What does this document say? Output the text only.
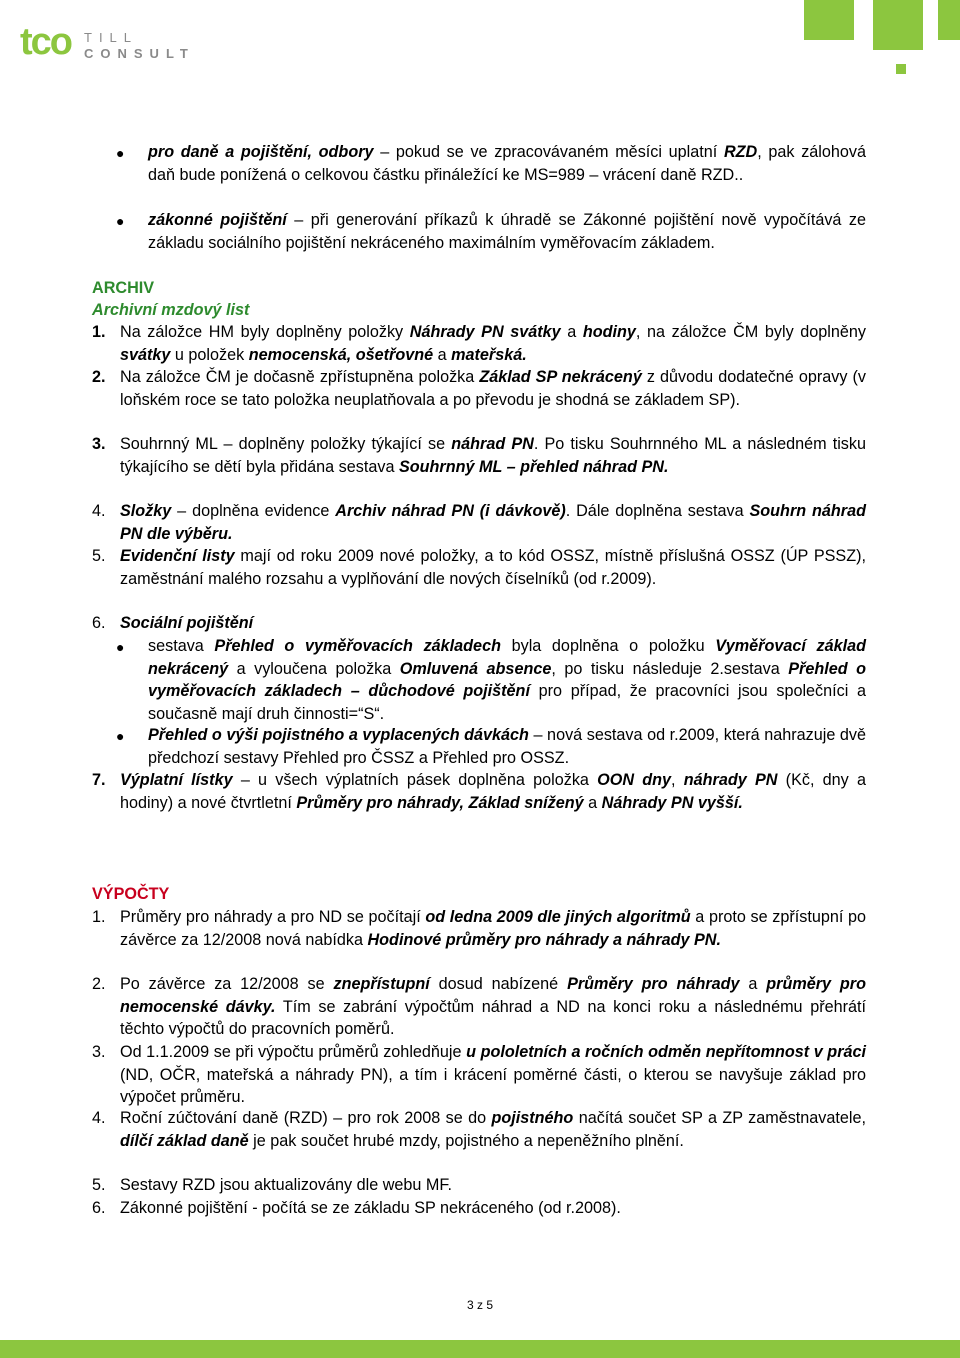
tco TILL
CONSULT
● pro daně a pojištění, odbory – pokud se ve zpracovávaném měsíci uplatní RZD, pak zálohová daň bude ponížená o celkovou částku přináležící ke MS=989 – vrácení daně RZD..

● zákonné pojištění – při generování příkazů k úhradě se Zákonné pojištění nově vypočítává ze základu sociálního pojištění nekráceného maximálním vyměřovacím základem.

ARCHIV
Archivní mzdový list
1. Na záložce HM byly doplněny položky Náhrady PN svátky a hodiny, na záložce ČM byly doplněny svátky u položek nemocenská, ošetřovné a mateřská.

2. Na záložce ČM je dočasně zpřístupněna položka Základ SP nekrácený z důvodu dodatečné opravy (v loňském roce se tato položka neuplatňovala a po převodu je shodná se základem SP).

3. Souhrnný ML – doplněny položky týkající se náhrad PN. Po tisku Souhrnného ML a následném tisku týkajícího se dětí byla přidána sestava Souhrnný ML – přehled náhrad PN.

4. Složky – doplněna evidence Archiv náhrad PN (i dávkově). Dále doplněna sestava Souhrn náhrad PN dle výběru.

5. Evidenční listy mají od roku 2009 nové položky, a to kód OSSZ, místně příslušná OSSZ (ÚP PSSZ), zaměstnání malého rozsahu a vyplňování dle nových číselníků (od r.2009).

6. Sociální pojištění

● sestava Přehled o vyměřovacích základech byla doplněna o položku Vyměřovací základ nekrácený a vyloučena položka Omluvená absence, po tisku následuje 2.sestava Přehled o vyměřovacích základech – důchodové pojištění pro případ, že pracovníci jsou společníci a současně mají druh činnosti=“S“.

● Přehled o výši pojistného a vyplacených dávkách – nová sestava od r.2009, která nahrazuje dvě předchozí sestavy Přehled pro ČSSZ a Přehled pro OSSZ.

7. Výplatní lístky – u všech výplatních pásek doplněna položka OON dny, náhrady PN (Kč, dny a hodiny) a nové čtvrtletní Průměry pro náhrady, Základ snížený a Náhrady PN vyšší.

VÝPOČTY
1. Průměry pro náhrady a pro ND se počítají od ledna 2009 dle jiných algoritmů a proto se zpřístupní po závěrce za 12/2008 nová nabídka Hodinové průměry pro náhrady a náhrady PN.

2. Po závěrce za 12/2008 se znepřístupní dosud nabízené Průměry pro náhrady a průměry pro nemocenské dávky. Tím se zabrání výpočtům náhrad a ND na konci roku a následnému přehrátí těchto výpočtů do pracovních poměrů.

3. Od 1.1.2009 se při výpočtu průměrů zohledňuje u pololetních a ročních odměn nepřítomnost v práci (ND, OČR, mateřská a náhrady PN), a tím i krácení poměrné části, o kterou se navyšuje základ pro výpočet průměru.

4. Roční zúčtování daně (RZD) – pro rok 2008 se do pojistného načítá součet SP a ZP zaměstnavatele, dílčí základ daně je pak součet hrubé mzdy, pojistného a nepeněžního plnění.

5. Sestavy RZD jsou aktualizovány dle webu MF.

6. Zákonné pojištění - počítá se ze základu SP nekráceného (od r.2008).

3 z 5
